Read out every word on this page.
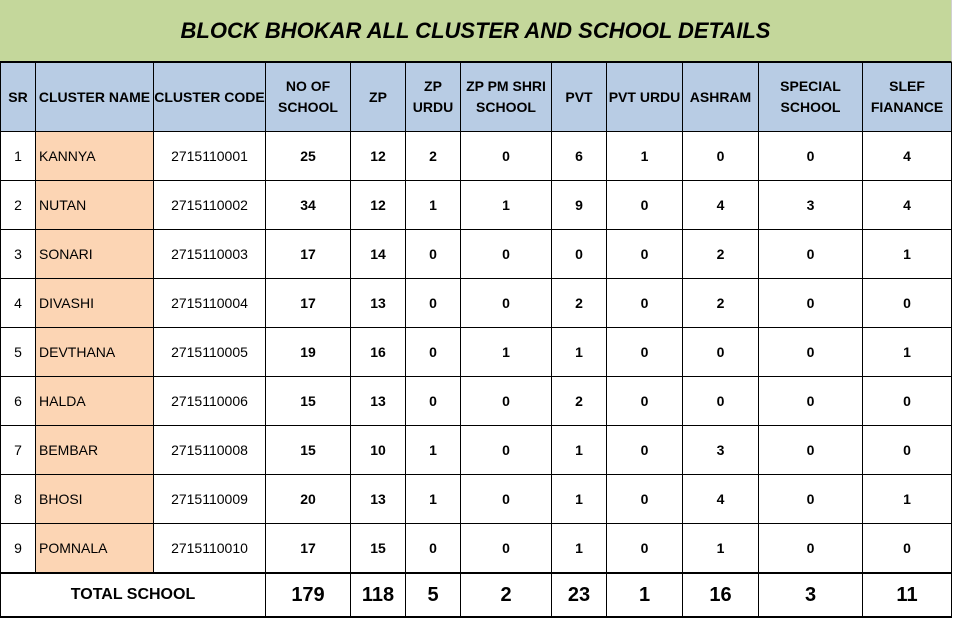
BLOCK BHOKAR ALL CLUSTER AND SCHOOL DETAILS
SR	CLUSTER NAME	CLUSTER CODE	NO OF SCHOOL	ZP	ZP URDU	ZP PM SHRI SCHOOL	PVT	PVT URDU	ASHRAM	SPECIAL SCHOOL	SLEF FIANANCE
1	KANNYA	2715110001	25	12	2	0	6	1	0	0	4
2	NUTAN	2715110002	34	12	1	1	9	0	4	3	4
3	SONARI	2715110003	17	14	0	0	0	0	2	0	1
4	DIVASHI	2715110004	17	13	0	0	2	0	2	0	0
5	DEVTHANA	2715110005	19	16	0	1	1	0	0	0	1
6	HALDA	2715110006	15	13	0	0	2	0	0	0	0
7	BEMBAR	2715110008	15	10	1	0	1	0	3	0	0
8	BHOSI	2715110009	20	13	1	0	1	0	4	0	1
9	POMNALA	2715110010	17	15	0	0	1	0	1	0	0
TOTAL SCHOOL			179	118	5	2	23	1	16	3	11
